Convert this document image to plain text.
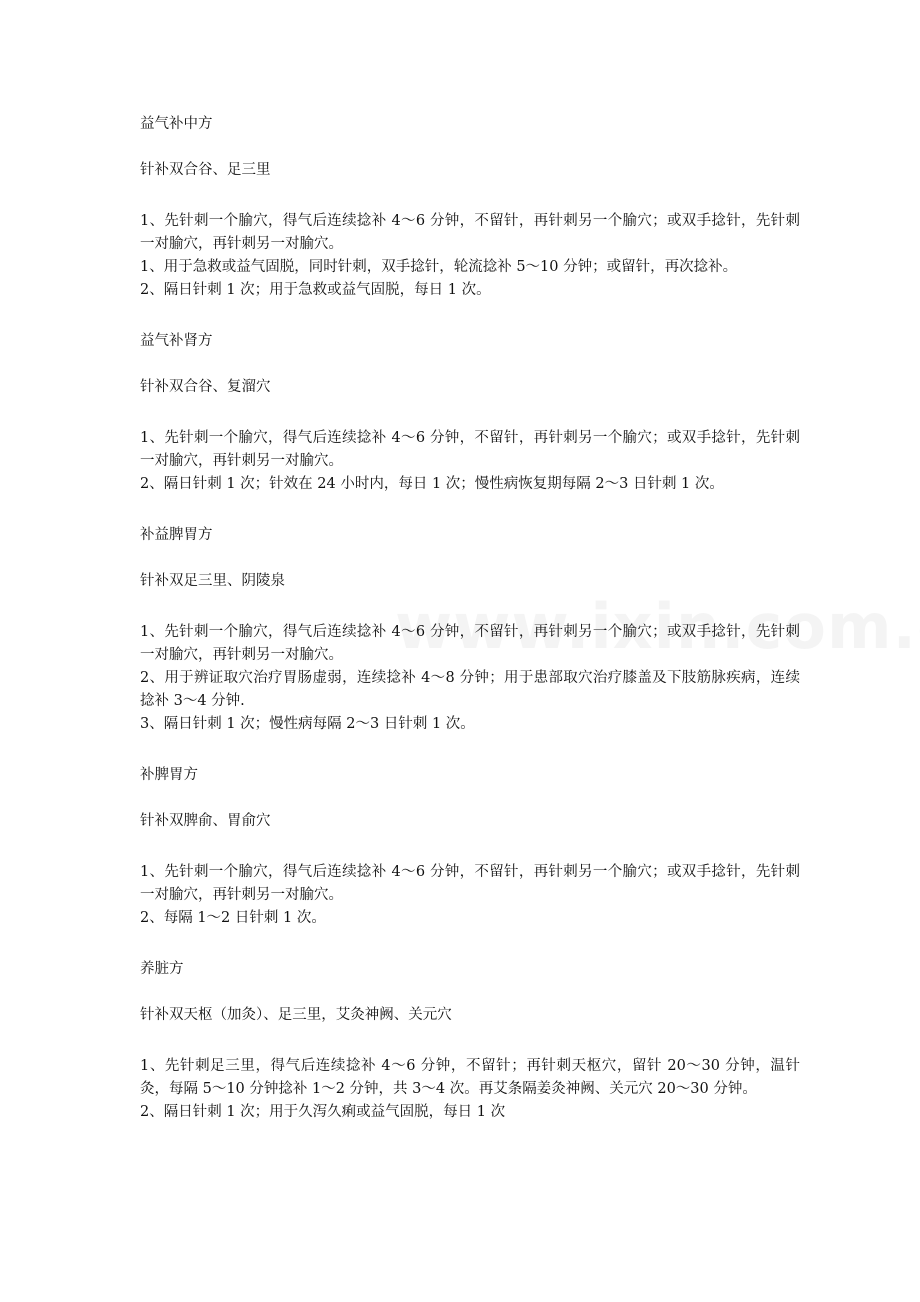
益气补中方

针补双合谷、足三里

1、先针刺一个腧穴，得气后连续捻补 4～6 分钟，不留针，再针刺另一个腧穴；或双手捻针，先针刺一对腧穴，再针刺另一对腧穴。

1、用于急救或益气固脱，同时针刺，双手捻针，轮流捻补 5～10 分钟；或留针，再次捻补。

2、隔日针刺 1 次；用于急救或益气固脱，每日 1 次。

益气补肾方

针补双合谷、复溜穴

1、先针刺一个腧穴，得气后连续捻补 4～6 分钟，不留针，再针刺另一个腧穴；或双手捻针，先针刺一对腧穴，再针刺另一对腧穴。

2、隔日针刺 1 次；针效在 24 小时内，每日 1 次；慢性病恢复期每隔 2～3 日针刺 1 次。

补益脾胃方

针补双足三里、阴陵泉

1、先针刺一个腧穴，得气后连续捻补 4～6 分钟，不留针，再针刺另一个腧穴；或双手捻针，先针刺一对腧穴，再针刺另一对腧穴。

2、用于辨证取穴治疗胃肠虚弱，连续捻补 4～8 分钟；用于患部取穴治疗膝盖及下肢筋脉疾病，连续捻补 3～4 分钟.

3、隔日针刺 1 次；慢性病每隔 2～3 日针刺 1 次。

补脾胃方

针补双脾俞、胃俞穴

1、先针刺一个腧穴，得气后连续捻补 4～6 分钟，不留针，再针刺另一个腧穴；或双手捻针，先针刺一对腧穴，再针刺另一对腧穴。

2、每隔 1～2 日针刺 1 次。

养脏方

针补双天枢（加灸）、足三里，艾灸神阙、关元穴

1、先针刺足三里，得气后连续捻补 4～6 分钟，不留针；再针刺天枢穴，留针 20～30 分钟，温针灸，每隔 5～10 分钟捻补 1～2 分钟，共 3～4 次。再艾条隔姜灸神阙、关元穴 20～30 分钟。

2、隔日针刺 1 次；用于久泻久痢或益气固脱，每日 1 次
